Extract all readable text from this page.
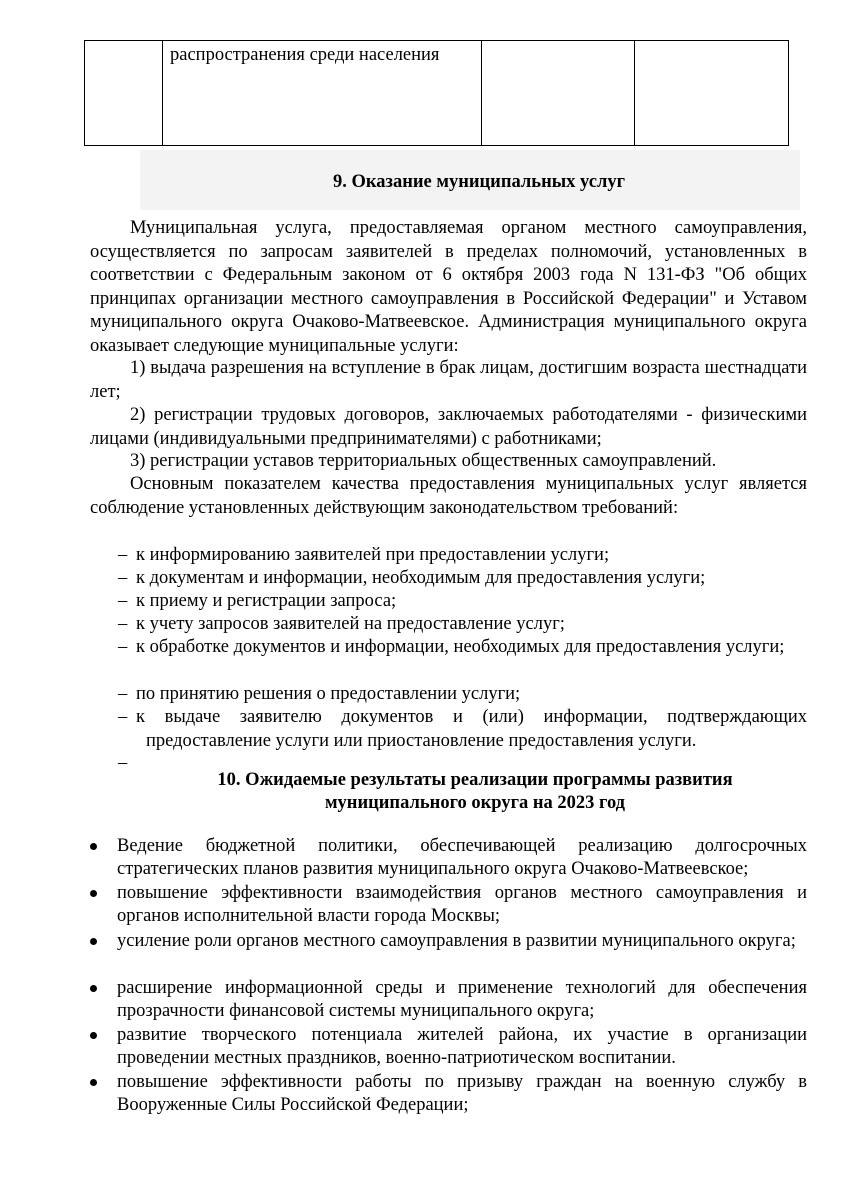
	распространения среди населения		
9. Оказание муниципальных услуг
Муниципальная услуга, предоставляемая органом местного самоуправления, осуществляется по запросам заявителей в пределах полномочий, установленных в соответствии с Федеральным законом от 6 октября 2003 года N 131-ФЗ "Об общих принципах организации местного самоуправления в Российской Федерации" и Уставом муниципального округа Очаково-Матвеевское. Администрация муниципального округа оказывает следующие муниципальные услуги:
1) выдача разрешения на вступление в брак лицам, достигшим возраста шестнадцати лет;
2) регистрации трудовых договоров, заключаемых работодателями - физическими лицами (индивидуальными предпринимателями) с работниками;
3) регистрации уставов территориальных общественных самоуправлений.
Основным показателем качества предоставления муниципальных услуг является соблюдение установленных действующим законодательством требований:
– к информированию заявителей при предоставлении услуги;
– к документам и информации, необходимым для предоставления услуги;
– к приему и регистрации запроса;
– к учету запросов заявителей на предоставление услуг;
– к обработке документов и информации, необходимых для предоставления услуги;
– по принятию решения о предоставлении услуги;
– к выдаче заявителю документов и (или) информации, подтверждающих предоставление услуги или приостановление предоставления услуги.
10. Ожидаемые результаты реализации программы развития
муниципального округа на 2023 год
Ведение бюджетной политики, обеспечивающей реализацию долгосрочных стратегических планов развития муниципального округа Очаково-Матвеевское;
повышение эффективности взаимодействия органов местного самоуправления и органов исполнительной власти города Москвы;
усиление роли органов местного самоуправления в развитии муниципального округа;
расширение информационной среды и применение технологий для обеспечения прозрачности финансовой системы муниципального округа;
развитие творческого потенциала жителей района, их участие в организации проведении местных праздников, военно-патриотическом воспитании.
повышение эффективности работы по призыву граждан на военную службу в Вооруженные Силы Российской Федерации;
